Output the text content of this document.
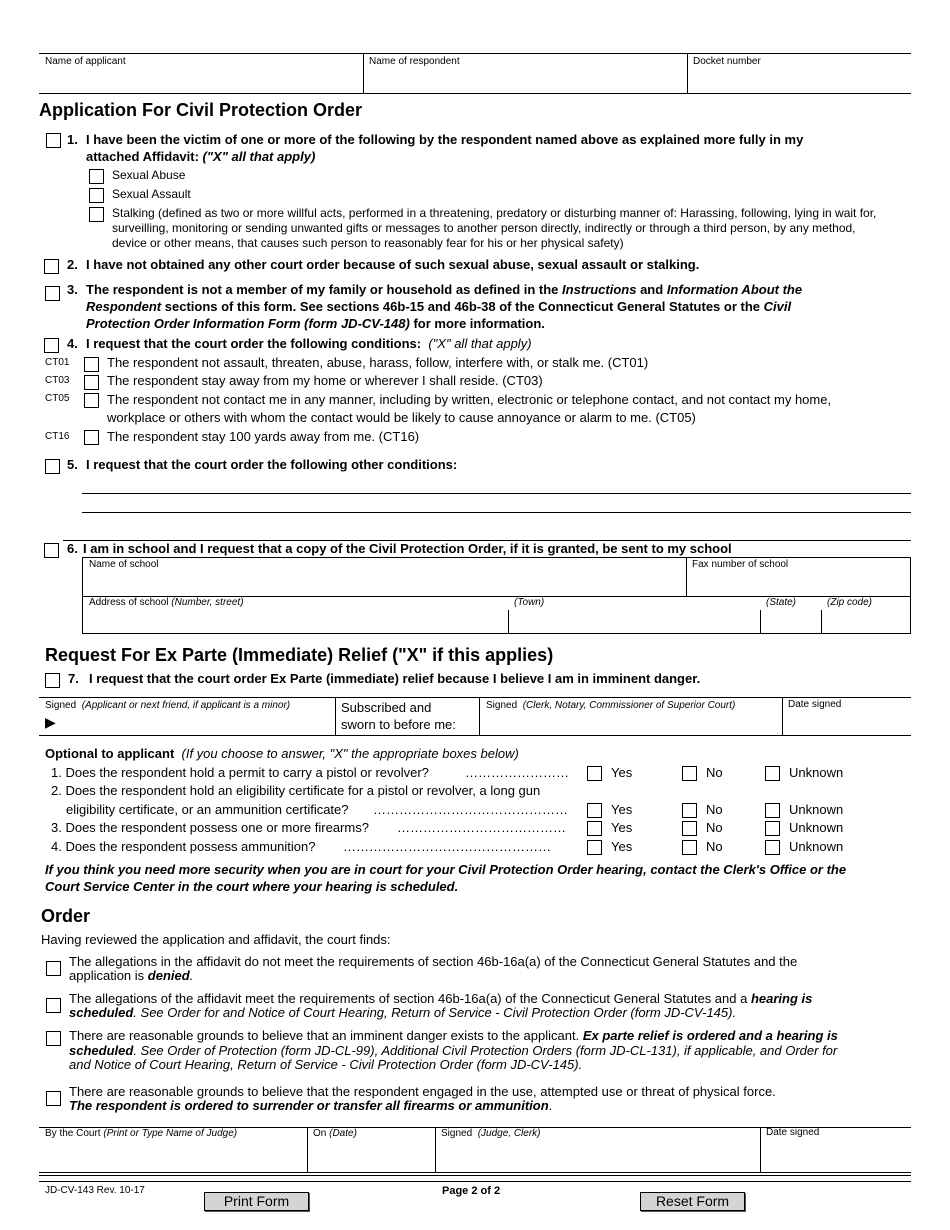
Name of applicant	Name of respondent	Docket number
Application For Civil Protection Order
1. I have been the victim of one or more of the following by the respondent named above as explained more fully in my
attached Affidavit: ("X" all that apply)
Sexual Abuse
Sexual Assault
Stalking (defined as two or more willful acts, performed in a threatening, predatory or disturbing manner of: Harassing, following, lying in wait for,
surveilling, monitoring or sending unwanted gifts or messages to another person directly, indirectly or through a third person, by any method,
device or other means, that causes such person to reasonably fear for his or her physical safety)
2. I have not obtained any other court order because of such sexual abuse, sexual assault or stalking.
3. The respondent is not a member of my family or household as defined in the Instructions and Information About the
Respondent sections of this form. See sections 46b-15 and 46b-38 of the Connecticut General Statutes or the Civil
Protection Order Information Form (form JD-CV-148) for more information.
4. I request that the court order the following conditions: ("X" all that apply)
CT01	The respondent not assault, threaten, abuse, harass, follow, interfere with, or stalk me. (CT01)
CT03	The respondent stay away from my home or wherever I shall reside. (CT03)
CT05	The respondent not contact me in any manner, including by written, electronic or telephone contact, and not contact my home,
workplace or others with whom the contact would be likely to cause annoyance or alarm to me. (CT05)
CT16	The respondent stay 100 yards away from me. (CT16)
5. I request that the court order the following other conditions:
6. I am in school and I request that a copy of the Civil Protection Order, if it is granted, be sent to my school
Name of school	Fax number of school
Address of school (Number, street)	(Town)	(State)	(Zip code)
Request For Ex Parte (Immediate) Relief ("X" if this applies)
7. I request that the court order Ex Parte (immediate) relief because I believe I am in imminent danger.
Signed (Applicant or next friend, if applicant is a minor)
▶
Subscribed and
sworn to before me:
Signed (Clerk, Notary, Commissioner of Superior Court)	Date signed
Optional to applicant (If you choose to answer, "X" the appropriate boxes below)
1. Does the respondent hold a permit to carry a pistol or revolver?	……………………	Yes	No	Unknown
2. Does the respondent hold an eligibility certificate for a pistol or revolver, a long gun
eligibility certificate, or an ammunition certificate? ………………………………………	Yes	No	Unknown
3. Does the respondent possess one or more firearms? …………………………………	Yes	No	Unknown
4. Does the respondent possess ammunition? …………………………………………	Yes	No	Unknown
If you think you need more security when you are in court for your Civil Protection Order hearing, contact the Clerk's Office or the
Court Service Center in the court where your hearing is scheduled.
Order
Having reviewed the application and affidavit, the court finds:
The allegations in the affidavit do not meet the requirements of section 46b-16a(a) of the Connecticut General Statutes and the
application is denied.
The allegations of the affidavit meet the requirements of section 46b-16a(a) of the Connecticut General Statutes and a hearing is
scheduled. See Order for and Notice of Court Hearing, Return of Service - Civil Protection Order (form JD-CV-145).
There are reasonable grounds to believe that an imminent danger exists to the applicant. Ex parte relief is ordered and a hearing is
scheduled. See Order of Protection (form JD-CL-99), Additional Civil Protection Orders (form JD-CL-131), if applicable, and Order for
and Notice of Court Hearing, Return of Service - Civil Protection Order (form JD-CV-145).
There are reasonable grounds to believe that the respondent engaged in the use, attempted use or threat of physical force.
The respondent is ordered to surrender or transfer all firearms or ammunition.
By the Court (Print or Type Name of Judge)	On (Date)	Signed (Judge, Clerk)	Date signed
JD-CV-143 Rev. 10-17	Page 2 of 2
Print Form	Reset Form
